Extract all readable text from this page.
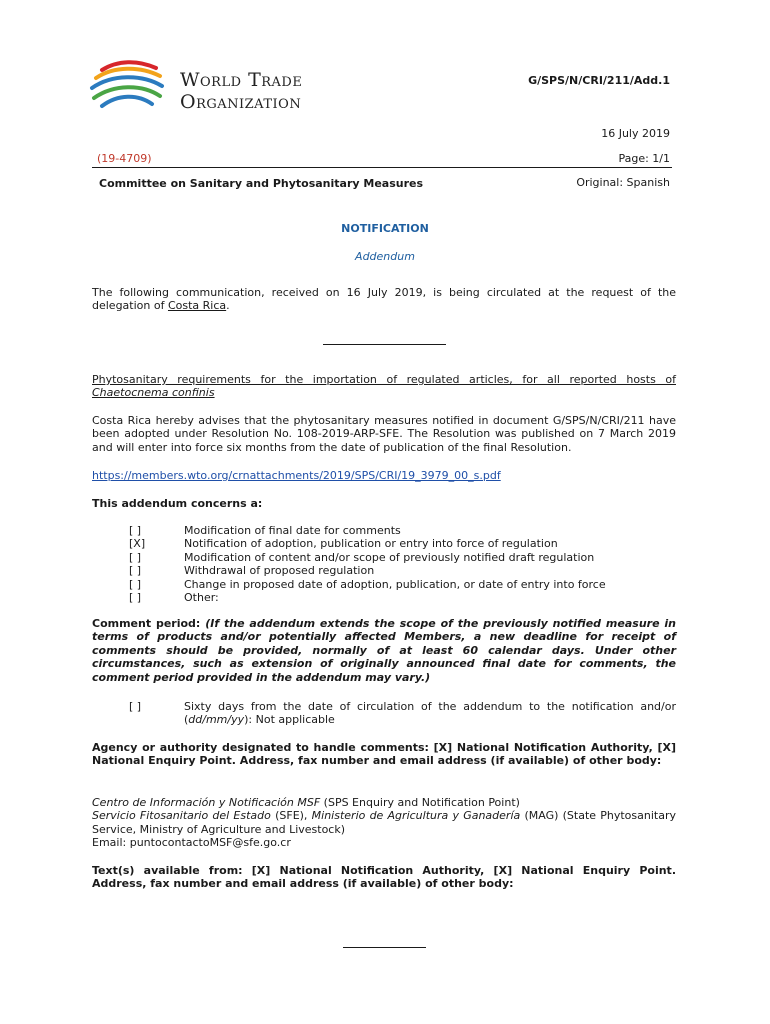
World Trade
Organization
G/SPS/N/CRI/211/Add.1
16 July 2019
(19-4709)	Page: 1/1
Committee on Sanitary and Phytosanitary Measures	Original: Spanish
NOTIFICATION
Addendum
The following communication, received on 16 July 2019, is being circulated at the request of the delegation of Costa Rica.
Phytosanitary requirements for the importation of regulated articles, for all reported hosts of
Chaetocnema confinis
Costa Rica hereby advises that the phytosanitary measures notified in document G/SPS/N/CRI/211 have been adopted under Resolution No. 108-2019-ARP-SFE. The Resolution was published on 7 March 2019 and will enter into force six months from the date of publication of the final Resolution.
https://members.wto.org/crnattachments/2019/SPS/CRI/19_3979_00_s.pdf
This addendum concerns a:
[ ]	Modification of final date for comments
[X]	Notification of adoption, publication or entry into force of regulation
[ ]	Modification of content and/or scope of previously notified draft regulation
[ ]	Withdrawal of proposed regulation
[ ]	Change in proposed date of adoption, publication, or date of entry into force
[ ]	Other:
Comment period: (If the addendum extends the scope of the previously notified measure in terms of products and/or potentially affected Members, a new deadline for receipt of comments should be provided, normally of at least 60 calendar days. Under other circumstances, such as extension of originally announced final date for comments, the comment period provided in the addendum may vary.)
[ ]	Sixty days from the date of circulation of the addendum to the notification and/or (dd/mm/yy): Not applicable
Agency or authority designated to handle comments: [X] National Notification Authority, [X] National Enquiry Point. Address, fax number and email address (if available) of other body:
Centro de Información y Notificación MSF (SPS Enquiry and Notification Point)
Servicio Fitosanitario del Estado (SFE), Ministerio de Agricultura y Ganadería (MAG) (State Phytosanitary Service, Ministry of Agriculture and Livestock)
Email: puntocontactoMSF@sfe.go.cr
Text(s) available from: [X] National Notification Authority, [X] National Enquiry Point. Address, fax number and email address (if available) of other body:
